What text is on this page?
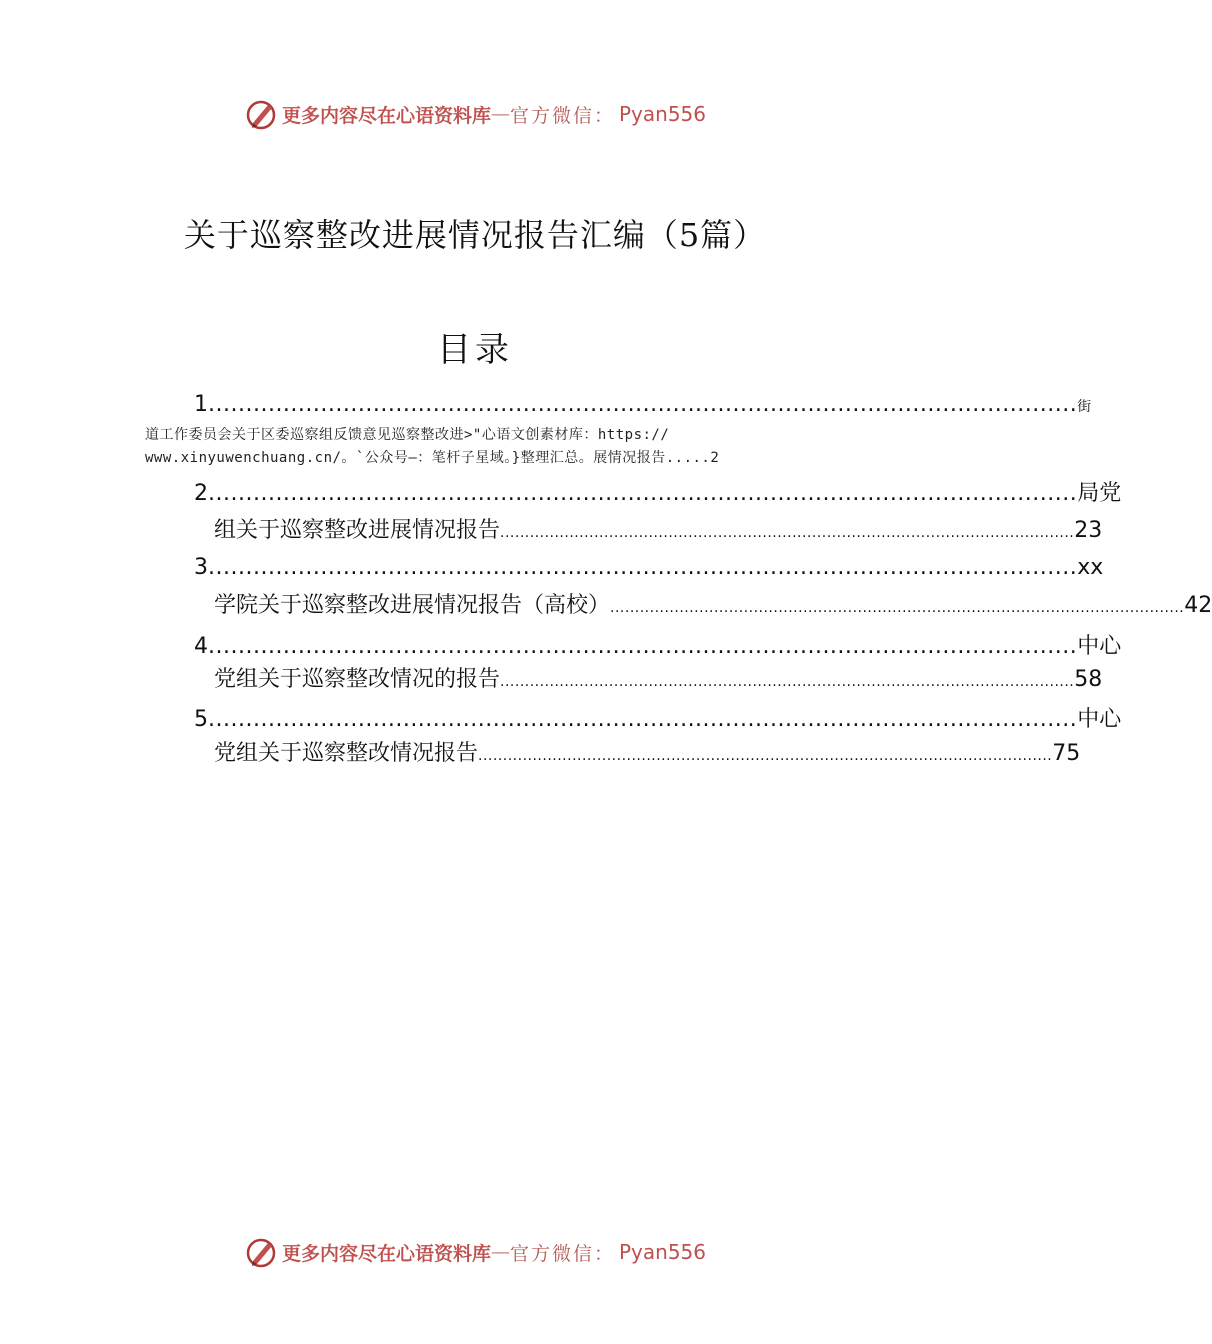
更多内容尽在心语资料库 — 官方微信： Pyan556
关于巡察整改进展情况报告汇编（5篇）
目录
1 .................................................................................................................... 街
道工作委员会关于区委巡察组反馈意见巡察整改进>"心语文创素材库：https://
www.xinyuwenchuang.cn/。`公众号—：笔杆子星域。}整理汇总。展情况报告.....2
2 .................................................................................................................... 局党
组关于巡察整改进展情况报告 .................................................................................................................... 23
3 .................................................................................................................... xx
学院关于巡察整改进展情况报告（高校） .................................................................................................................... 42
4 .................................................................................................................... 中心
党组关于巡察整改情况的报告 .................................................................................................................... 58
5 .................................................................................................................... 中心
党组关于巡察整改情况报告 .................................................................................................................... 75
更多内容尽在心语资料库 — 官方微信： Pyan556
